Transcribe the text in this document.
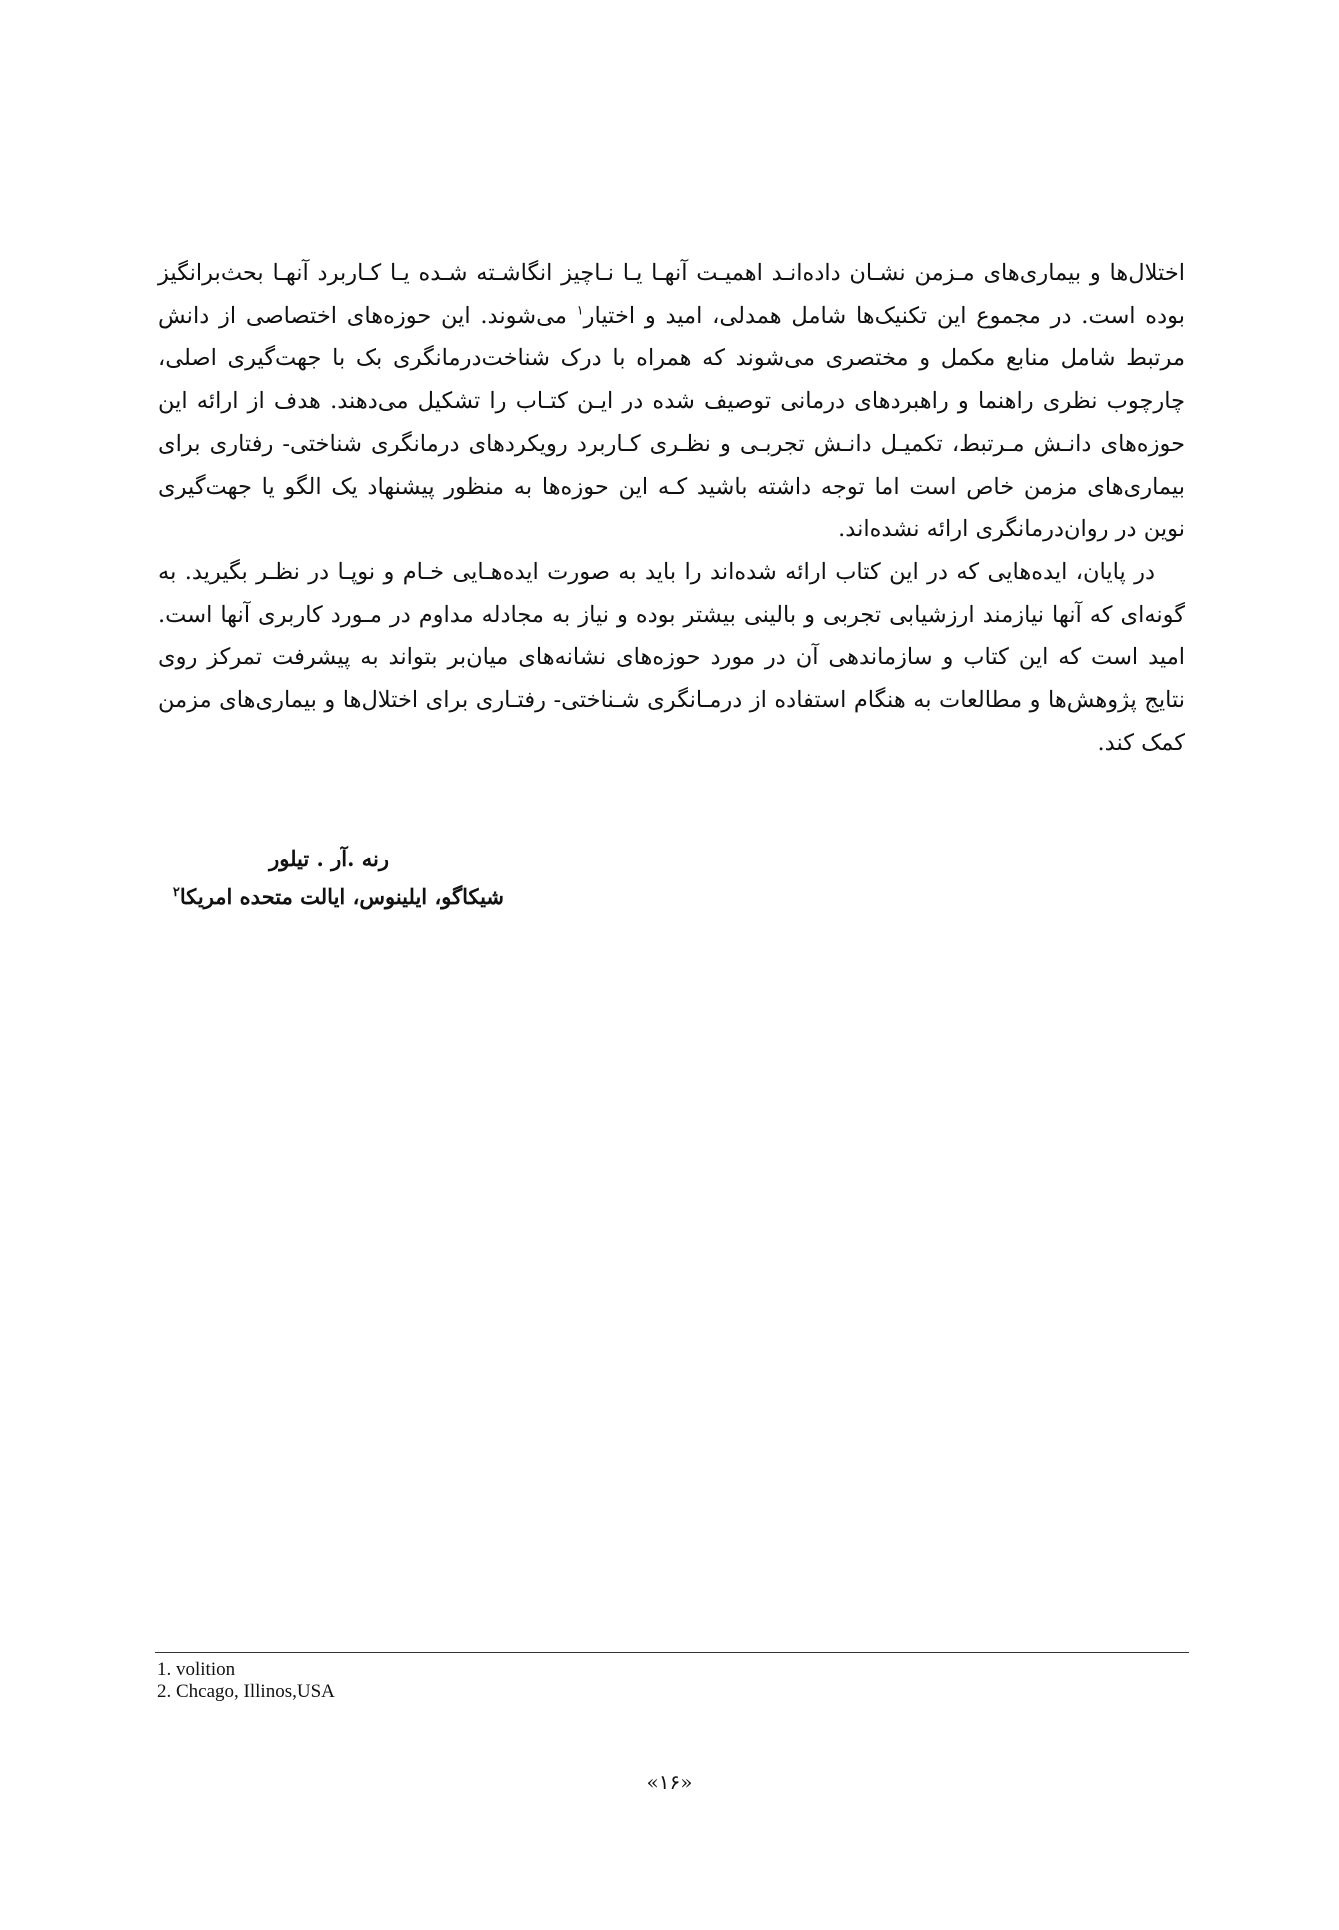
اختلال‌ها و بیماری‌های مـزمن نشـان داده‌انـد اهمیـت آنهـا یـا نـاچیز انگاشـته شـده یـا کـاربرد آنهـا بحث‌برانگیز بوده است. در مجموع این تکنیک‌ها شامل همدلی، امید و اختیار$^۱$ می‌شوند. این حوزه‌های اختصاصی از دانش مرتبط شامل منابع مکمل و مختصری می‌شوند که همراه با درک شناخت‌درمانگری بک با جهت‌گیری اصلی، چارچوب نظری راهنما و راهبردهای درمانی توصیف شده در ایـن کتـاب را تشکیل می‌دهند. هدف از ارائه این حوزه‌های دانـش مـرتبط، تکمیـل دانـش تجربـی و نظـری کـاربرد رویکردهای درمانگری شناختی- رفتاری برای بیماری‌های مزمن خاص است اما توجه داشته باشید کـه این حوزه‌ها به منظور پیشنهاد یک الگو یا جهت‌گیری نوین در روان‌درمانگری ارائه نشده‌اند.

در پایان، ایده‌هایی که در این کتاب ارائه شده‌اند را باید به صورت ایده‌هـایی خـام و نوپـا در نظـر بگیرید. به گونه‌ای که آنها نیازمند ارزشیابی تجربی و بالینی بیشتر بوده و نیاز به مجادله مداوم در مـورد کاربری آنها است. امید است که این کتاب و سازماندهی آن در مورد حوزه‌های نشانه‌های میان‌بر بتواند به پیشرفت تمرکز روی نتایج پژوهش‌ها و مطالعات به هنگام استفاده از درمـانگری شـناختی- رفتـاری برای اختلال‌ها و بیماری‌های مزمن کمک کند.

رنه .آر . تیلور
شیکاگو، ایلینوس، ایالت متحده امریکا$^۲$
1. volition
2. Chcago, Illinos,USA
«۱۶»
